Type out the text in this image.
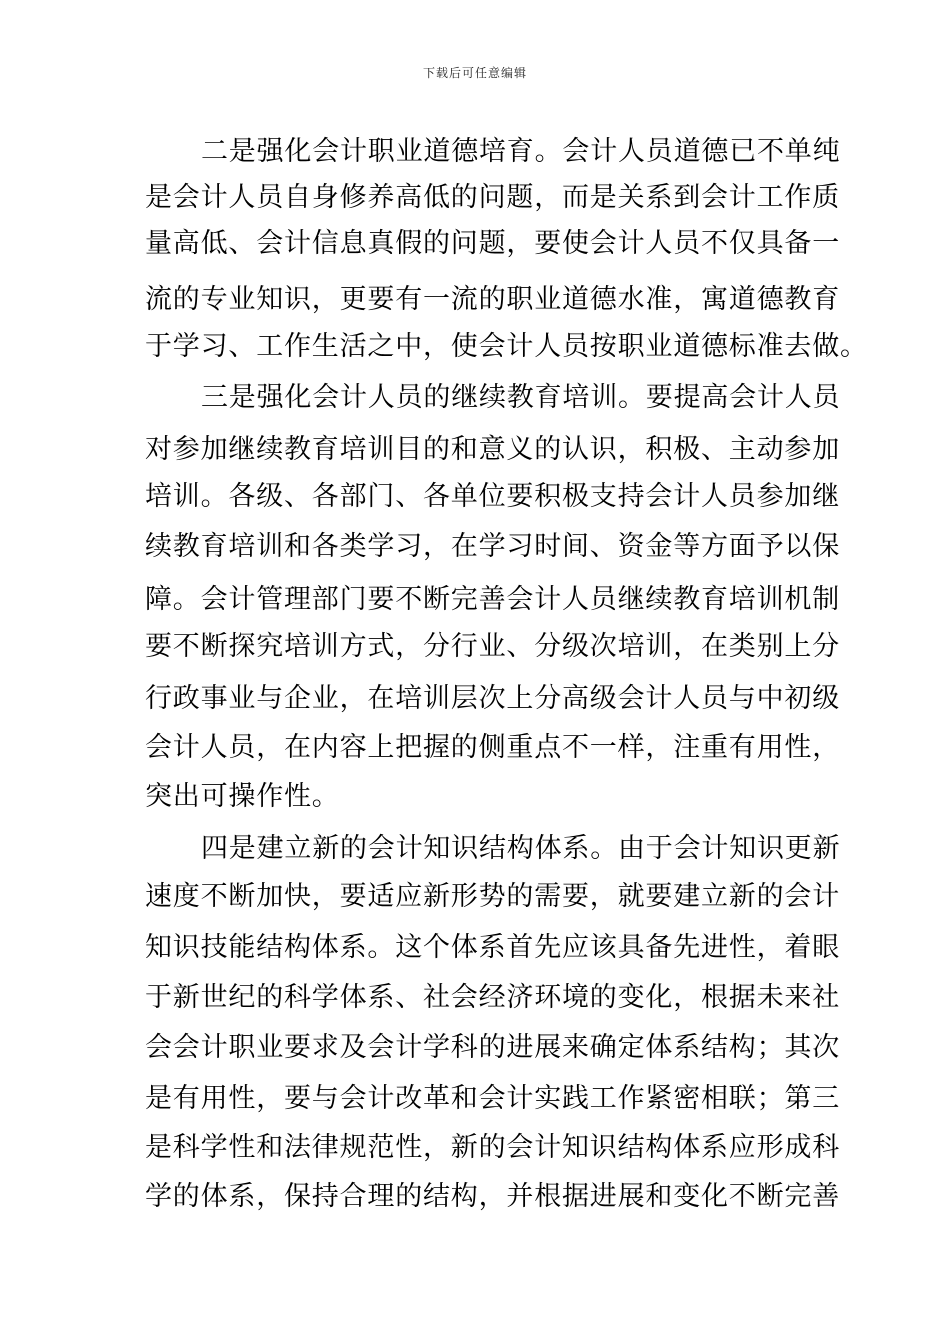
下载后可任意编辑
二是强化会计职业道德培育。会计人员道德已不单纯
是会计人员自身修养高低的问题，而是关系到会计工作质
量高低、会计信息真假的问题，要使会计人员不仅具备一
流的专业知识，更要有一流的职业道德水准，寓道德教育
于学习、工作生活之中，使会计人员按职业道德标准去做。
三是强化会计人员的继续教育培训。要提高会计人员
对参加继续教育培训目的和意义的认识，积极、主动参加
培训。各级、各部门、各单位要积极支持会计人员参加继
续教育培训和各类学习，在学习时间、资金等方面予以保
障。会计管理部门要不断完善会计人员继续教育培训机制
要不断探究培训方式，分行业、分级次培训，在类别上分
行政事业与企业，在培训层次上分高级会计人员与中初级
会计人员，在内容上把握的侧重点不一样，注重有用性，
突出可操作性。
四是建立新的会计知识结构体系。由于会计知识更新
速度不断加快，要适应新形势的需要，就要建立新的会计
知识技能结构体系。这个体系首先应该具备先进性，着眼
于新世纪的科学体系、社会经济环境的变化，根据未来社
会会计职业要求及会计学科的进展来确定体系结构；其次
是有用性，要与会计改革和会计实践工作紧密相联；第三
是科学性和法律规范性，新的会计知识结构体系应形成科
学的体系，保持合理的结构，并根据进展和变化不断完善
